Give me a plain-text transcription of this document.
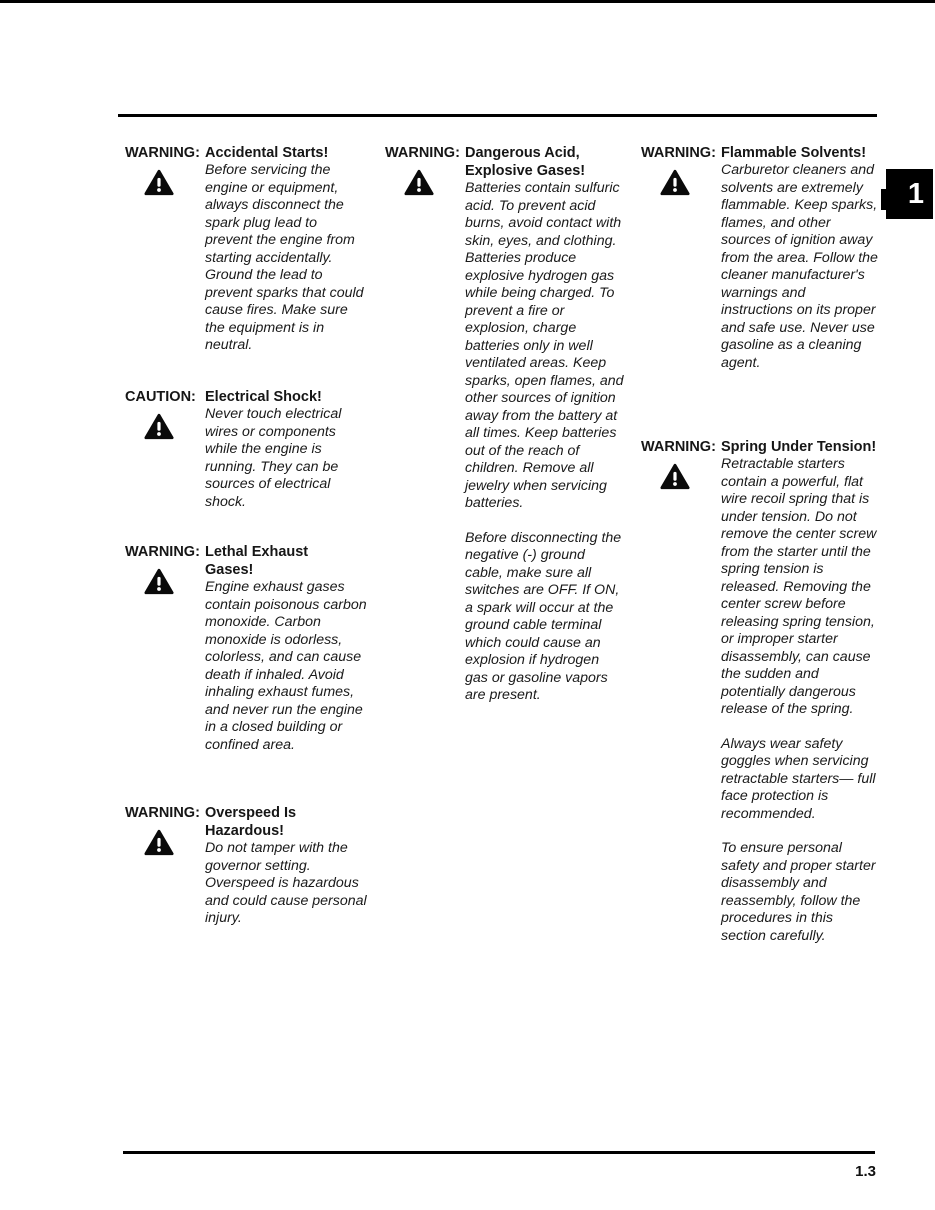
WARNING: Accidental Starts!

Before servicing the engine or equipment, always disconnect the spark plug lead to prevent the engine from starting accidentally. Ground the lead to prevent sparks that could cause fires. Make sure the equipment is in neutral.

CAUTION: Electrical Shock!

Never touch electrical wires or components while the engine is running. They can be sources of electrical shock.

WARNING: Lethal Exhaust
Gases!

Engine exhaust gases contain poisonous carbon monoxide. Carbon monoxide is odorless, colorless, and can cause death if inhaled. Avoid inhaling exhaust fumes, and never run the engine in a closed building or confined area.

WARNING: Overspeed Is
Hazardous!

Do not tamper with the governor setting. Overspeed is hazardous and could cause personal injury.

WARNING: Dangerous Acid,
Explosive Gases!

Batteries contain sulfuric acid. To prevent acid burns, avoid contact with skin, eyes, and clothing. Batteries produce explosive hydrogen gas while being charged. To prevent a fire or explosion, charge batteries only in well ventilated areas. Keep sparks, open flames, and other sources of ignition away from the battery at all times. Keep batteries out of the reach of children. Remove all jewelry when servicing batteries.

Before disconnecting the negative (-) ground cable, make sure all switches are OFF. If ON, a spark will occur at the ground cable terminal which could cause an explosion if hydrogen gas or gasoline vapors are present.

WARNING: Flammable Solvents!

Carburetor cleaners and solvents are extremely flammable. Keep sparks, flames, and other sources of ignition away from the area. Follow the cleaner manufacturer's warnings and instructions on its proper and safe use. Never use gasoline as a cleaning agent.

WARNING: Spring Under Tension!

Retractable starters contain a powerful, flat wire recoil spring that is under tension. Do not remove the center screw from the starter until the spring tension is released. Removing the center screw before releasing spring tension, or improper starter disassembly, can cause the sudden and potentially dangerous release of the spring.

Always wear safety goggles when servicing retractable starters— full face protection is recommended.

To ensure personal safety and proper starter disassembly and reassembly, follow the procedures in this section carefully.

1
1.3
